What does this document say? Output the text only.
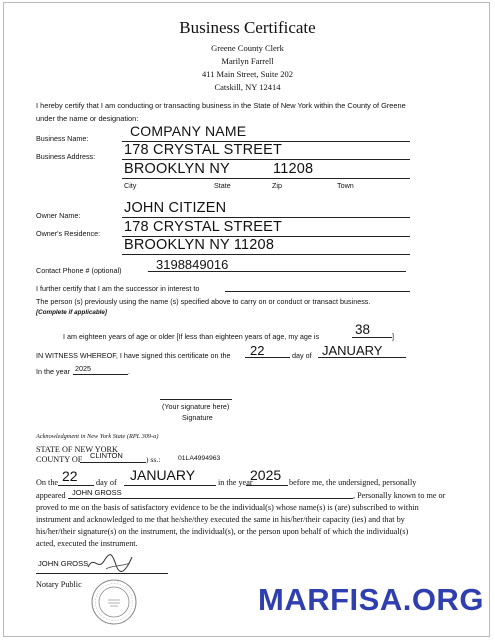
Business Certificate
Greene County Clerk
Marilyn Farrell
411 Main Street, Suite 202
Catskill, NY 12414
I hereby certify that I am conducting or transacting business in the State of New York within the County of Greene
under the name or designation:
Business Name:	COMPANY NAME
Business Address: 178 CRYSTAL STREET
BROOKLYN NY	11208
City	State	Zip	Town
Owner Name:	JOHN CITIZEN
Owner's Residence: 178 CRYSTAL STREET
BROOKLYN NY 11208
Contact Phone # (optional)	3198849016
I further certify that I am the successor in interest to
The person (s) previously using the name (s) specified above to carry on or conduct or transact business.
[Complete if applicable]
I am eighteen years of age or older [If less than eighteen years of age, my age is	38	]
IN WITNESS WHEREOF, I have signed this certificate on the 22	day of JANUARY
In the year 2025	.
(Your signature here)
Signature
Acknowledgment in New York State (RPL 309-a)
STATE OF NEW YORK
COUNTY OF CLINTON	) ss.:	01LA4994963
On the 22 day of JANUARY	in the year
2025 before me, the undersigned, personally
appeared JOHN GROSS	, Personally known to me or
proved to me on the basis of satisfactory evidence to be the individual(s) whose name(s) is (are) subscribed to within
instrument and acknowledged to me that he/she/they executed the same in his/her/their capacity (ies) and that by
his/her/their signature(s) on the instrument, the individual(s), or the person upon behalf of which the individual(s)
acted, executed the instrument.
JOHN GROSS
Notary Public	MARFISA.ORG
